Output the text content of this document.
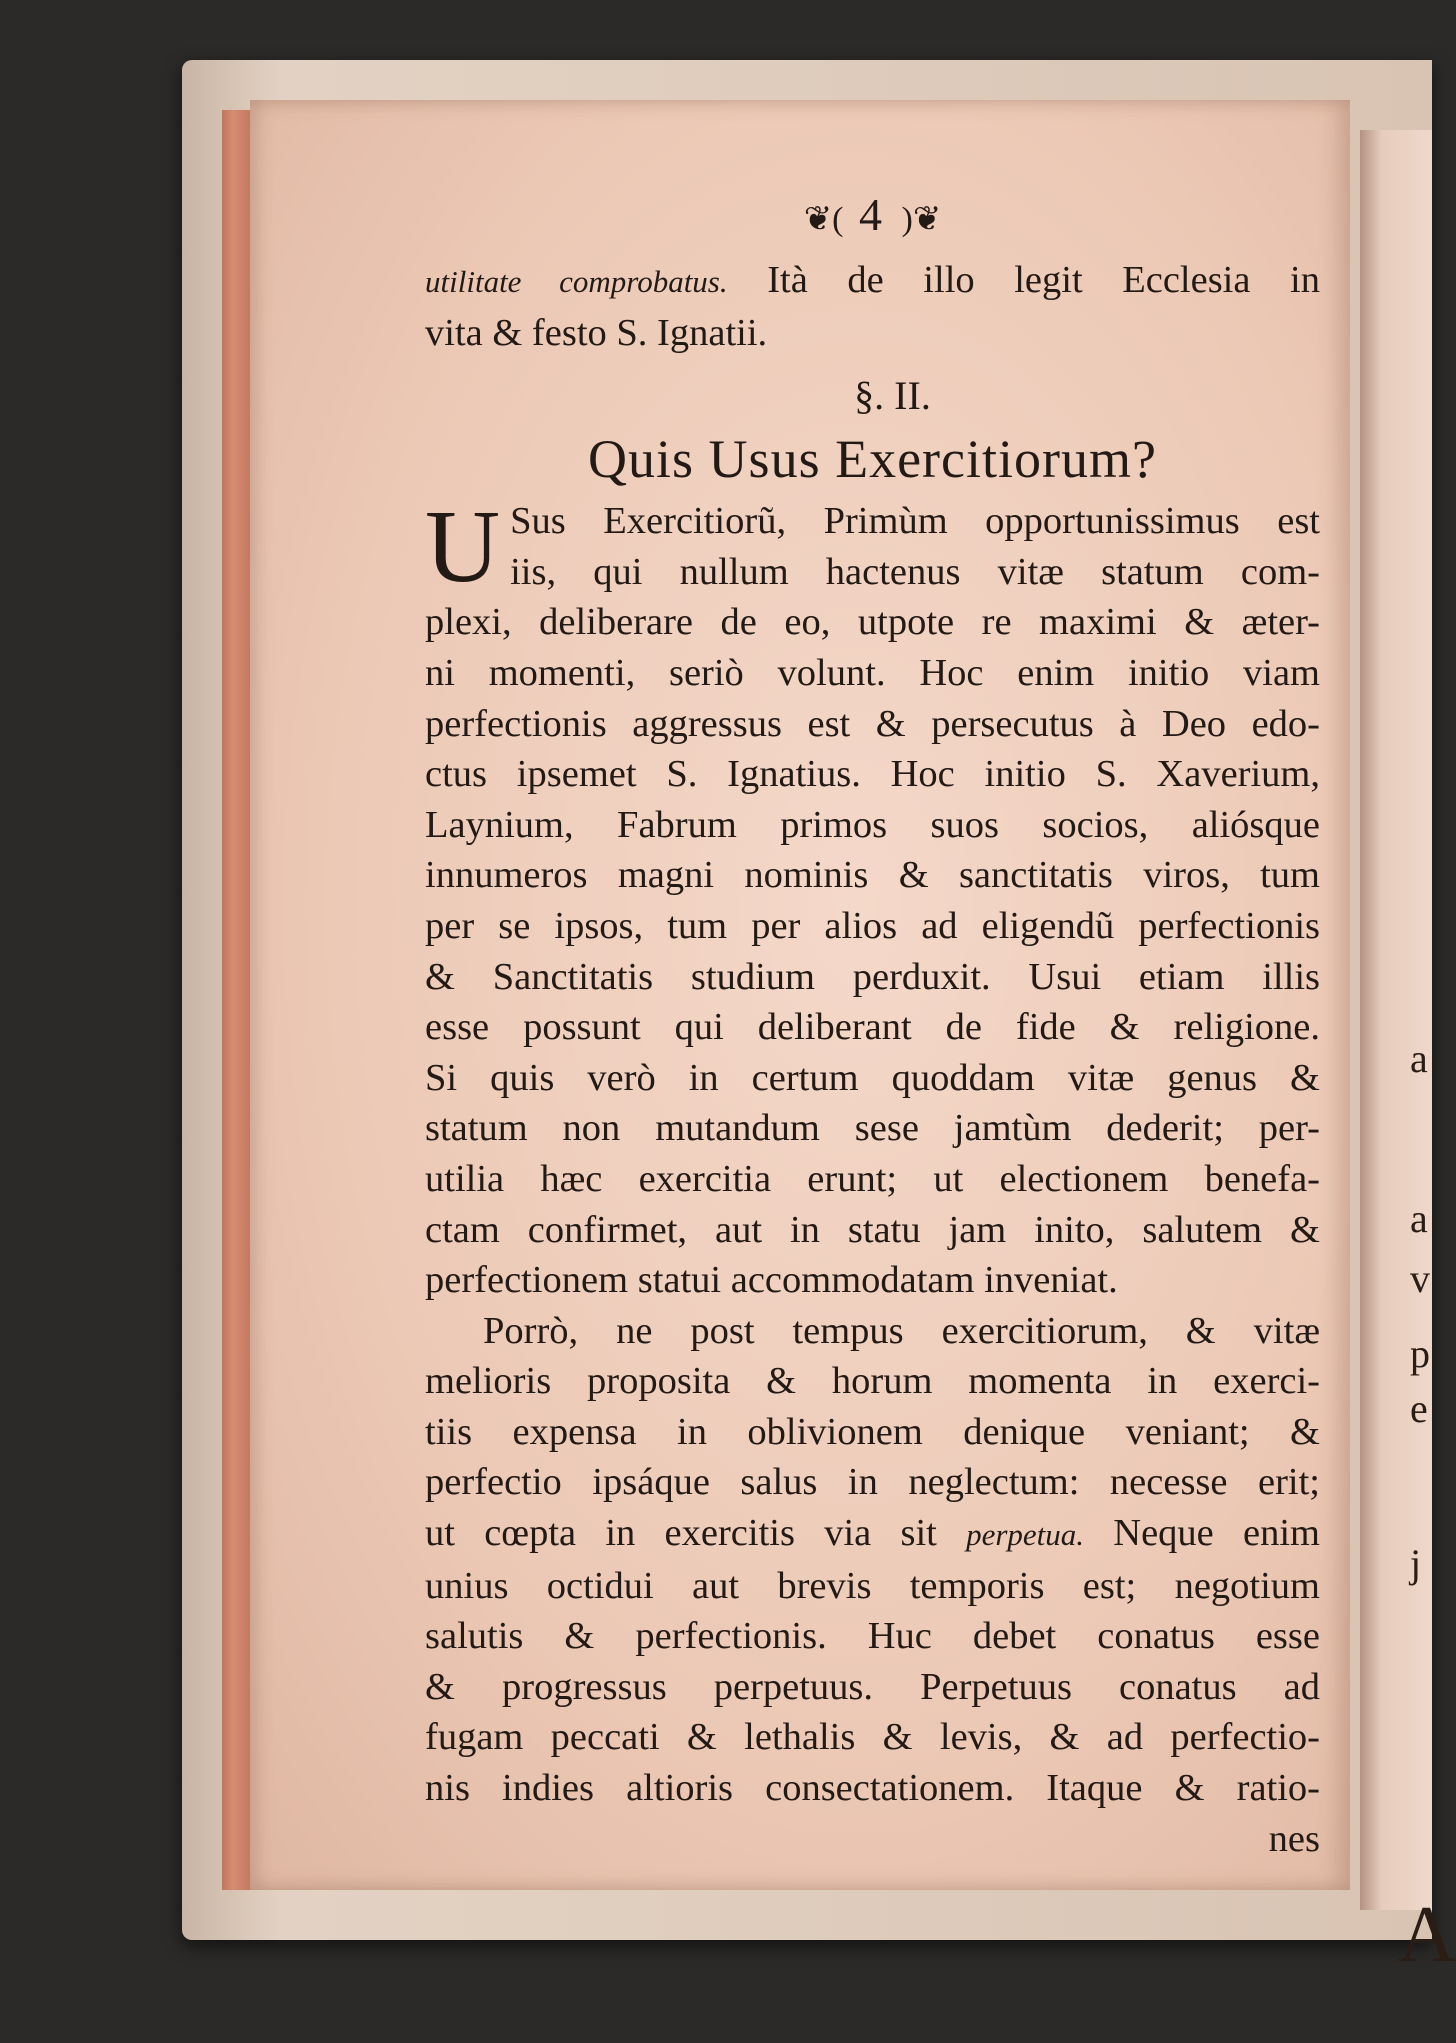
a
a
v
p
e
j
A
❦( 4 )❦
utilitate comprobatus. Ità de illo legit Ecclesia in
vita & festo S. Ignatii.
§. II.
Quis Usus Exercitiorum?
U Sus Exercitiorũ, Primùm opportunissimus est
iis, qui nullum hactenus vitæ statum com-
plexi, deliberare de eo, utpote re maximi & æter-
ni momenti, seriò volunt. Hoc enim initio viam
perfectionis aggressus est & persecutus à Deo edo-
ctus ipsemet S. Ignatius. Hoc initio S. Xaverium,
Laynium, Fabrum primos suos socios, aliósque
innumeros magni nominis & sanctitatis viros, tum
per se ipsos, tum per alios ad eligendũ perfectionis
& Sanctitatis studium perduxit. Usui etiam illis
esse possunt qui deliberant de fide & religione.
Si quis verò in certum quoddam vitæ genus &
statum non mutandum sese jamtùm dederit; per-
utilia hæc exercitia erunt; ut electionem benefa-
ctam confirmet, aut in statu jam inito, salutem &
perfectionem statui accommodatam inveniat.
Porrò, ne post tempus exercitiorum, & vitæ
melioris proposita & horum momenta in exerci-
tiis expensa in oblivionem denique veniant; &
perfectio ipsáque salus in neglectum: necesse erit;
ut cœpta in exercitis via sit perpetua. Neque enim
unius octidui aut brevis temporis est; negotium
salutis & perfectionis. Huc debet conatus esse
& progressus perpetuus. Perpetuus conatus ad
fugam peccati & lethalis & levis, & ad perfectio-
nis indies altioris consectationem. Itaque & ratio-
nes
